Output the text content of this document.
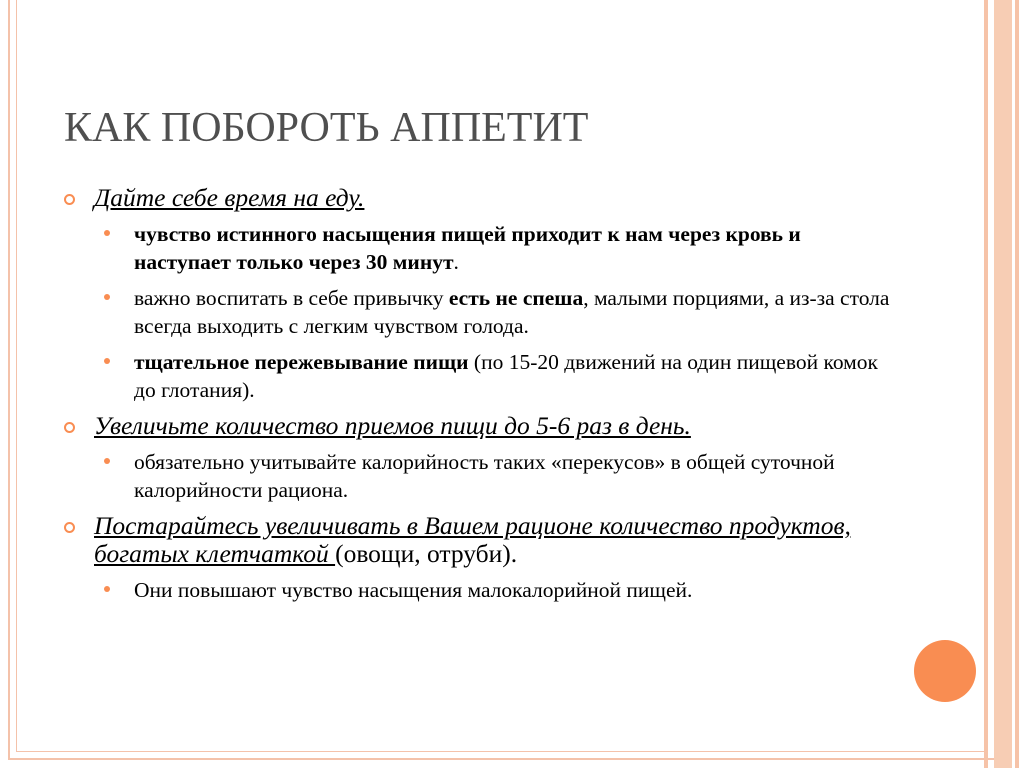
КАК ПОБОРОТЬ АППЕТИТ
Дайте себе время на еду.
чувство истинного насыщения пищей приходит к нам через кровь и наступает только через 30 минут.
важно воспитать в себе привычку есть не спеша, малыми порциями, а из-за стола всегда выходить с легким чувством голода.
тщательное пережевывание пищи (по 15-20 движений на один пищевой комок до глотания).
Увеличьте количество приемов пищи до 5-6 раз в день.
обязательно учитывайте калорийность таких «перекусов» в общей суточной калорийности рациона.
Постарайтесь увеличивать в Вашем рационе количество продуктов, богатых клетчаткой (овощи, отруби).
Они повышают чувство насыщения малокалорийной пищей.
